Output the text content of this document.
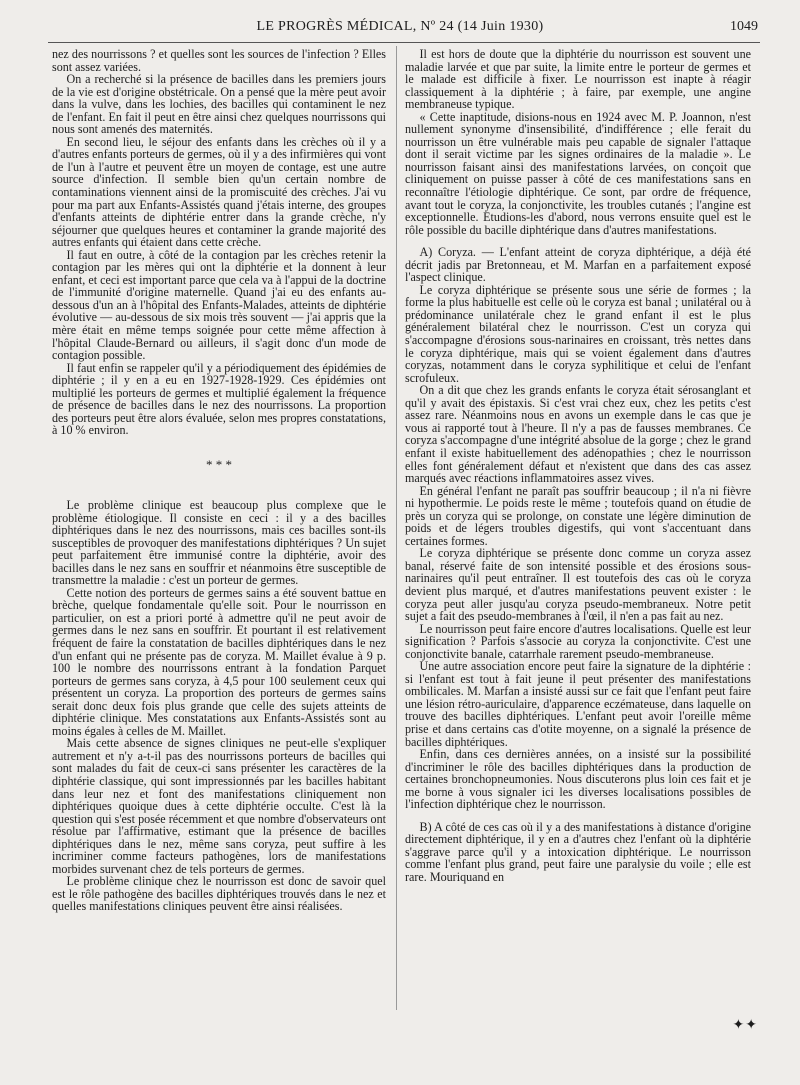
LE PROGRÈS MÉDICAL, Nº 24 (14 Juin 1930)	1049

nez des nourrissons ? et quelles sont les sources de l'infection ? Elles sont assez variées.

On a recherché si la présence de bacilles dans les premiers jours de la vie est d'origine obstétricale. On a pensé que la mère peut avoir dans la vulve, dans les lochies, des bacilles qui contaminent le nez de l'enfant. En fait il peut en être ainsi chez quelques nourrissons qui nous sont amenés des maternités.

En second lieu, le séjour des enfants dans les crèches où il y a d'autres enfants porteurs de germes, où il y a des infirmières qui vont de l'un à l'autre et peuvent être un moyen de contage, est une autre source d'infection. Il semble bien qu'un certain nombre de contaminations viennent ainsi de la promiscuité des crèches. J'ai vu pour ma part aux Enfants-Assistés quand j'étais interne, des groupes d'enfants atteints de diphtérie entrer dans la grande crèche, n'y séjourner que quelques heures et contaminer la grande majorité des autres enfants qui étaient dans cette crèche.

Il faut en outre, à côté de la contagion par les crèches retenir la contagion par les mères qui ont la diphtérie et la donnent à leur enfant, et ceci est important parce que cela va à l'appui de la doctrine de l'immunité d'origine maternelle. Quand j'ai eu des enfants au-dessous d'un an à l'hôpital des Enfants-Malades, atteints de diphtérie évolutive — au-dessous de six mois très souvent — j'ai appris que la mère était en même temps soignée pour cette même affection à l'hôpital Claude-Bernard ou ailleurs, il s'agit donc d'un mode de contagion possible.

Il faut enfin se rappeler qu'il y a périodiquement des épidémies de diphtérie ; il y en a eu en 1927-1928-1929. Ces épidémies ont multiplié les porteurs de germes et multiplié également la fréquence de présence de bacilles dans le nez des nourrissons. La proportion des porteurs peut être alors évaluée, selon mes propres constatations, à 10 % environ.

* * *

Le problème clinique est beaucoup plus complexe que le problème étiologique. Il consiste en ceci : il y a des bacilles diphtériques dans le nez des nourrissons, mais ces bacilles sont-ils susceptibles de provoquer des manifestations diphtériques ? Un sujet peut parfaitement être immunisé contre la diphtérie, avoir des bacilles dans le nez sans en souffrir et néanmoins être susceptible de transmettre la maladie : c'est un porteur de germes.

Cette notion des porteurs de germes sains a été souvent battue en brèche, quelque fondamentale qu'elle soit. Pour le nourrisson en particulier, on est a priori porté à admettre qu'il ne peut avoir de germes dans le nez sans en souffrir. Et pourtant il est relativement fréquent de faire la constatation de bacilles diphtériques dans le nez d'un enfant qui ne présente pas de coryza. M. Maillet évalue à 9 p. 100 le nombre des nourrissons entrant à la fondation Parquet porteurs de germes sans coryza, à 4,5 pour 100 seulement ceux qui présentent un coryza. La proportion des porteurs de germes sains serait donc deux fois plus grande que celle des sujets atteints de diphtérie clinique. Mes constatations aux Enfants-Assistés sont au moins égales à celles de M. Maillet.

Mais cette absence de signes cliniques ne peut-elle s'expliquer autrement et n'y a-t-il pas des nourrissons porteurs de bacilles qui sont malades du fait de ceux-ci sans présenter les caractères de la diphtérie classique, qui sont impressionnés par les bacilles habitant dans leur nez et font des manifestations cliniquement non diphtériques quoique dues à cette diphtérie occulte. C'est là la question qui s'est posée récemment et que nombre d'observateurs ont résolue par l'affirmative, estimant que la présence de bacilles diphtériques dans le nez, même sans coryza, peut suffire à les incriminer comme facteurs pathogènes, lors de manifestations morbides survenant chez de tels porteurs de germes.

Le problème clinique chez le nourrisson est donc de savoir quel est le rôle pathogène des bacilles diphtériques trouvés dans le nez et quelles manifestations cliniques peuvent être ainsi réalisées.

Il est hors de doute que la diphtérie du nourrisson est souvent une maladie larvée et que par suite, la limite entre le porteur de germes et le malade est difficile à fixer. Le nourrisson est inapte à réagir classiquement à la diphtérie ; à faire, par exemple, une angine membraneuse typique.

« Cette inaptitude, disions-nous en 1924 avec M. P. Joannon, n'est nullement synonyme d'insensibilité, d'indifférence ; elle ferait du nourrisson un être vulnérable mais peu capable de signaler l'attaque dont il serait victime par les signes ordinaires de la maladie ». Le nourrisson faisant ainsi des manifestations larvées, on conçoit que cliniquement on puisse passer à côté de ces manifestations sans en reconnaître l'étiologie diphtérique. Ce sont, par ordre de fréquence, avant tout le coryza, la conjonctivite, les troubles cutanés ; l'angine est exceptionnelle. Etudions-les d'abord, nous verrons ensuite quel est le rôle possible du bacille diphtérique dans d'autres manifestations.

A) Coryza. — L'enfant atteint de coryza diphtérique, a déjà été décrit jadis par Bretonneau, et M. Marfan en a parfaitement exposé l'aspect clinique.

Le coryza diphtérique se présente sous une série de formes ; la forme la plus habituelle est celle où le coryza est banal ; unilatéral ou à prédominance unilatérale chez le grand enfant il est le plus généralement bilatéral chez le nourrisson. C'est un coryza qui s'accompagne d'érosions sous-narinaires en croissant, très nettes dans le coryza diphtérique, mais qui se voient également dans d'autres coryzas, notamment dans le coryza syphilitique et celui de l'enfant scrofuleux.

On a dit que chez les grands enfants le coryza était sérosanglant et qu'il y avait des épistaxis. Si c'est vrai chez eux, chez les petits c'est assez rare. Néanmoins nous en avons un exemple dans le cas que je vous ai rapporté tout à l'heure. Il n'y a pas de fausses membranes. Ce coryza s'accompagne d'une intégrité absolue de la gorge ; chez le grand enfant il existe habituellement des adénopathies ; chez le nourrisson elles font généralement défaut et n'existent que dans des cas assez marqués avec réactions inflammatoires assez vives.

En général l'enfant ne paraît pas souffrir beaucoup ; il n'a ni fièvre ni hypothermie. Le poids reste le même ; toutefois quand on étudie de près un coryza qui se prolonge, on constate une légère diminution de poids et de légers troubles digestifs, qui vont s'accentuant dans certaines formes.

Le coryza diphtérique se présente donc comme un coryza assez banal, réservé faite de son intensité possible et des érosions sous-narinaires qu'il peut entraîner. Il est toutefois des cas où le coryza devient plus marqué, et d'autres manifestations peuvent exister : le coryza peut aller jusqu'au coryza pseudo-membraneux. Notre petit sujet a fait des pseudo-membranes à l'œil, il n'en a pas fait au nez.

Le nourrisson peut faire encore d'autres localisations. Quelle est leur signification ? Parfois s'associe au coryza la conjonctivite. C'est une conjonctivite banale, catarrhale rarement pseudo-membraneuse.

Une autre association encore peut faire la signature de la diphtérie : si l'enfant est tout à fait jeune il peut présenter des manifestations ombilicales. M. Marfan a insisté aussi sur ce fait que l'enfant peut faire une lésion rétro-auriculaire, d'apparence eczémateuse, dans laquelle on trouve des bacilles diphtériques. L'enfant peut avoir l'oreille même prise et dans certains cas d'otite moyenne, on a signalé la présence de bacilles diphtériques.

Enfin, dans ces dernières années, on a insisté sur la possibilité d'incriminer le rôle des bacilles diphtériques dans la production de certaines bronchopneumonies. Nous discuterons plus loin ces fait et je me borne à vous signaler ici les diverses localisations possibles de l'infection diphtérique chez le nourrisson.

B) A côté de ces cas où il y a des manifestations à distance d'origine directement diphtérique, il y en a d'autres chez l'enfant où la diphtérie s'aggrave parce qu'il y a intoxication diphtérique. Le nourrisson comme l'enfant plus grand, peut faire une paralysie du voile ; elle est rare. Mouriquand en

✦✦
